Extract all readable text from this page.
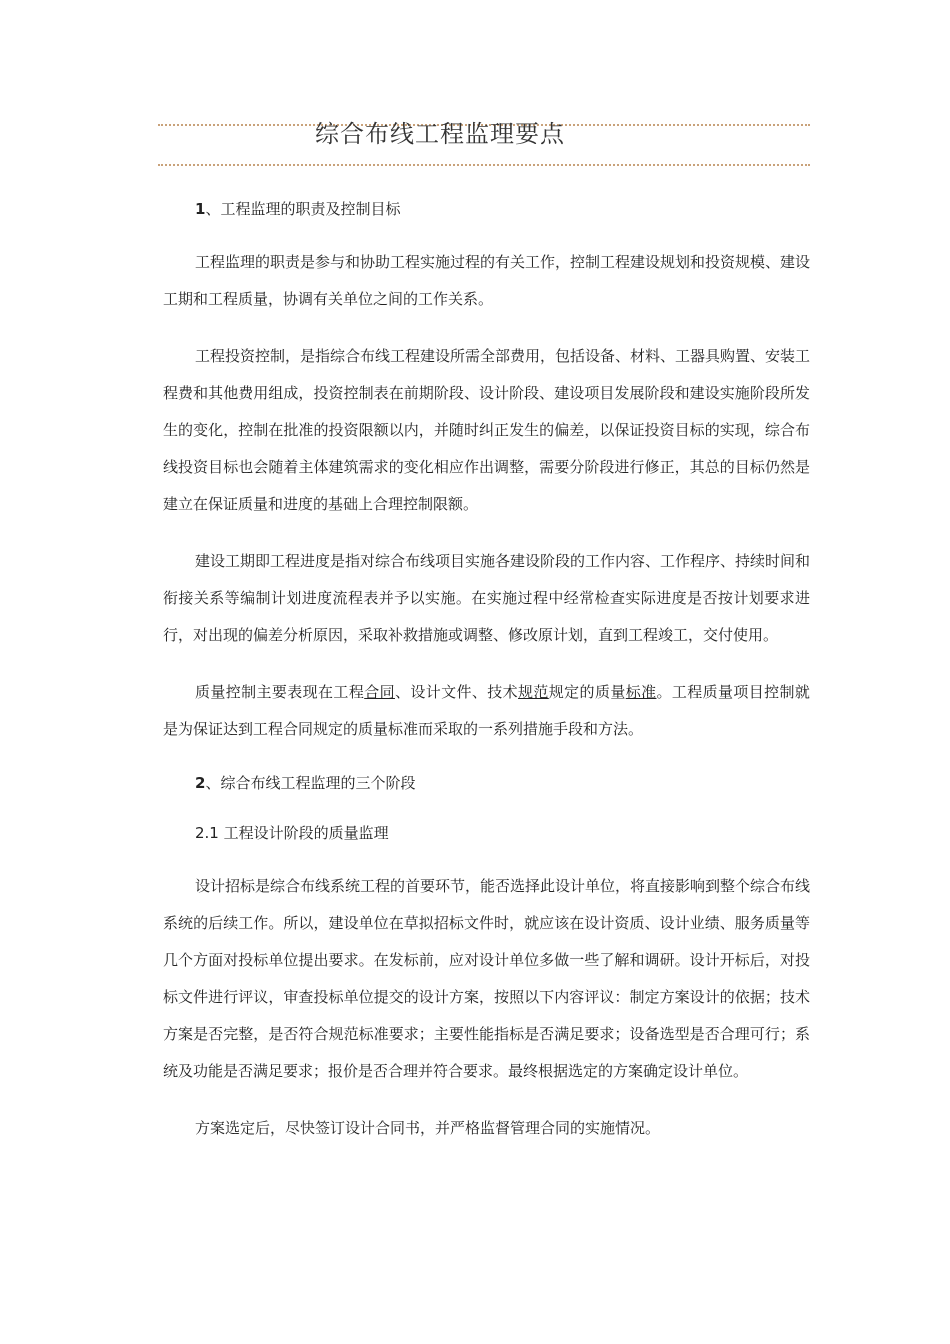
综合布线工程监理要点

1、工程监理的职责及控制目标

工程监理的职责是参与和协助工程实施过程的有关工作，控制工程建设规划和投资规模、建设工期和工程质量，协调有关单位之间的工作关系。

工程投资控制，是指综合布线工程建设所需全部费用，包括设备、材料、工器具购置、安装工程费和其他费用组成，投资控制表在前期阶段、设计阶段、建设项目发展阶段和建设实施阶段所发生的变化，控制在批准的投资限额以内，并随时纠正发生的偏差，以保证投资目标的实现，综合布线投资目标也会随着主体建筑需求的变化相应作出调整，需要分阶段进行修正，其总的目标仍然是建立在保证质量和进度的基础上合理控制限额。

建设工期即工程进度是指对综合布线项目实施各建设阶段的工作内容、工作程序、持续时间和衔接关系等编制计划进度流程表并予以实施。在实施过程中经常检查实际进度是否按计划要求进行，对出现的偏差分析原因，采取补救措施或调整、修改原计划，直到工程竣工，交付使用。

质量控制主要表现在工程合同、设计文件、技术规范规定的质量标准。工程质量项目控制就是为保证达到工程合同规定的质量标准而采取的一系列措施手段和方法。

2、综合布线工程监理的三个阶段

2.1 工程设计阶段的质量监理

设计招标是综合布线系统工程的首要环节，能否选择此设计单位，将直接影响到整个综合布线系统的后续工作。所以，建设单位在草拟招标文件时，就应该在设计资质、设计业绩、服务质量等几个方面对投标单位提出要求。在发标前，应对设计单位多做一些了解和调研。设计开标后，对投标文件进行评议，审查投标单位提交的设计方案，按照以下内容评议：制定方案设计的依据；技术方案是否完整，是否符合规范标准要求；主要性能指标是否满足要求；设备选型是否合理可行；系统及功能是否满足要求；报价是否合理并符合要求。最终根据选定的方案确定设计单位。

方案选定后，尽快签订设计合同书，并严格监督管理合同的实施情况。
